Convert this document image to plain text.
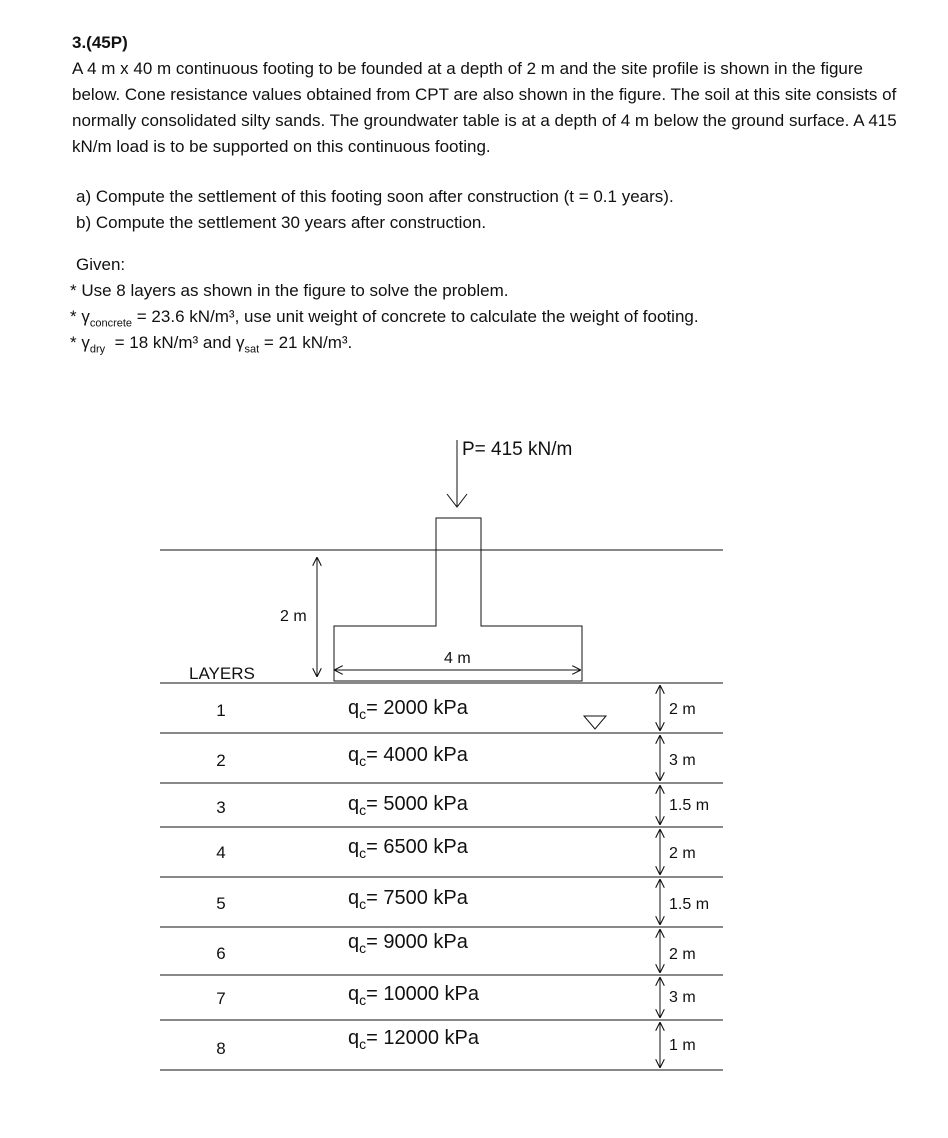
3.(45P)

A 4 m x 40 m continuous footing to be founded at a depth of 2 m and the site profile is shown in the figure below. Cone resistance values obtained from CPT are also shown in the figure. The soil at this site consists of normally consolidated silty sands. The groundwater table is at a depth of 4 m below the ground surface. A 415 kN/m load is to be supported on this continuous footing.

a) Compute the settlement of this footing soon after construction (t = 0.1 years).
b) Compute the settlement 30 years after construction.
Given:
* Use 8 layers as shown in the figure to solve the problem.
* $\gamma_{concrete} = 23.6$ kN/m³, use unit weight of concrete to calculate the weight of footing.
* $\gamma_{dry} = 18$ kN/m³ and $\gamma_{sat} = 21$ kN/m³.
P= 415 kN/m
2 m
4 m
LAYERS
1
2
3
4
5
6
7
8
$q_c= 2000$ kPa
$q_c= 4000$ kPa
$q_c= 5000$ kPa
$q_c= 6500$ kPa
$q_c= 7500$ kPa
$q_c= 9000$ kPa
$q_c= 10000$ kPa
$q_c= 12000$ kPa
2 m
3 m
1.5 m
2 m
1.5 m
2 m
3 m
1 m
